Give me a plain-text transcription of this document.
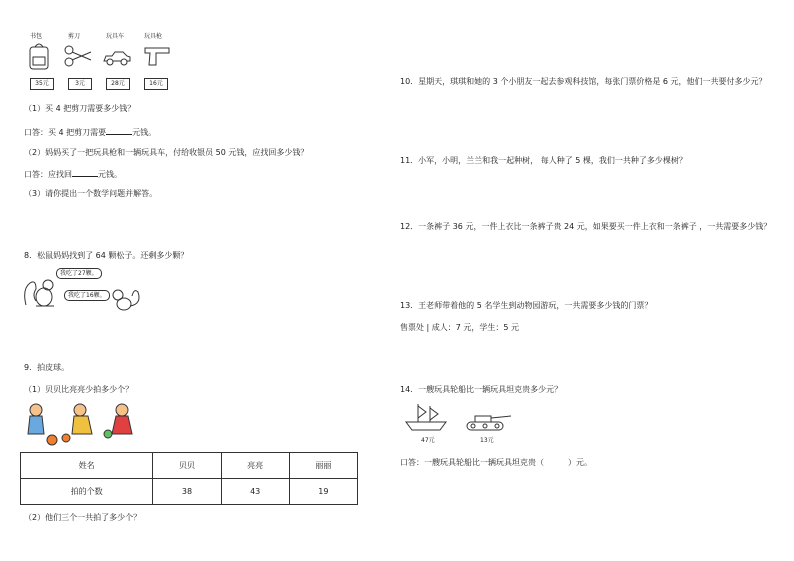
书包	剪刀	玩具车	玩具枪
35元	3元	28元	16元
（1）买 4 把剪刀需要多少钱？
口答：买 4 把剪刀需要	元钱。
（2）妈妈买了一把玩具枪和一辆玩具车，付给收银员 50 元钱，应找回多少钱？
口答：应找回	元钱。
（3）请你提出一个数学问题并解答。
8．松鼠妈妈找到了 64 颗松子。还剩多少颗？
我吃了27颗。
我吃了16颗。
9．拍皮球。
（1）贝贝比亮亮少拍多少个？
姓名	贝贝	亮亮	丽丽
拍的个数	38	43	19
（2）他们三个一共拍了多少个？
10．星期天，琪琪和她的 3 个小朋友一起去参观科技馆，每张门票价格是 6 元，他们一共要付多少元？
11．小军，小明，兰兰和我一起种树， 每人种了 5 棵，我们一共种了多少棵树？
12．一条裤子 36 元，一件上衣比一条裤子贵 24 元，如果要买一件上衣和一条裤子 ，一共需要多少钱？
13．王老师带着他的 5 名学生到动物园游玩，一共需要多少钱的门票？
售票处 | 成人：7 元，学生：5 元
14．一艘玩具轮船比一辆玩具坦克贵多少元？
47元	13元
口答：一艘玩具轮船比一辆玩具坦克贵（	）元。
